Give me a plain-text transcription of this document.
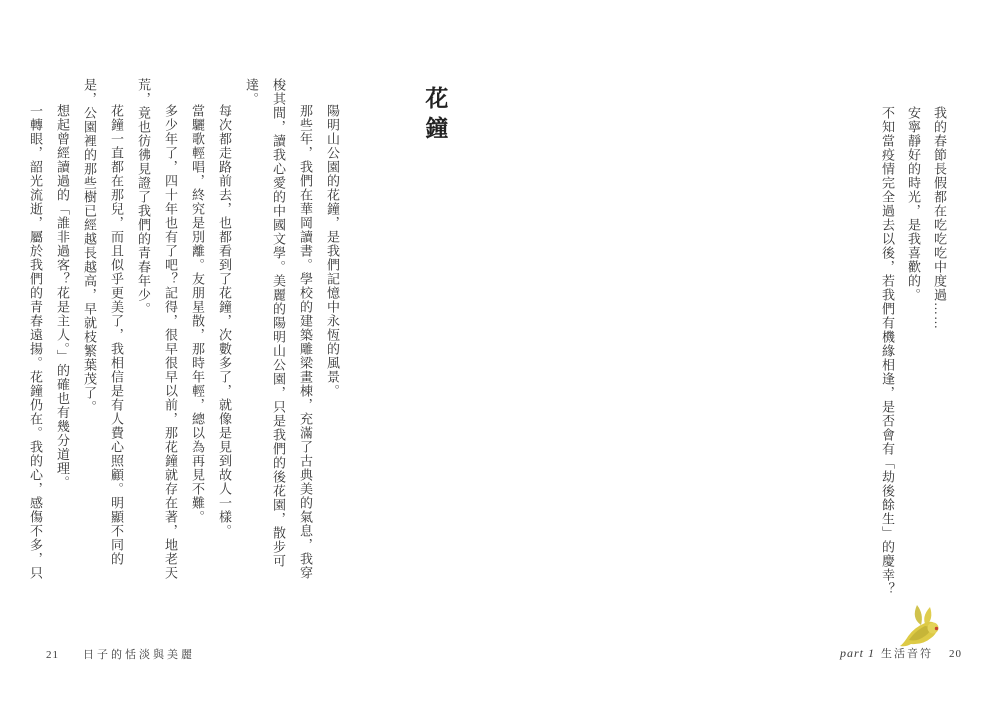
我的春節長假都在吃吃吃中度過……

安寧靜好的時光，是我喜歡的。

不知當疫情完全過去以後，若我們有機緣相逢，是否會有「劫後餘生」的慶幸？

part 1 生活音符 20
花鐘

陽明山公園的花鐘，是我們記憶中永恆的風景。

那些年，我們在華岡讀書。學校的建築雕梁畫棟，充滿了古典美的氣息，我穿梭其間，讀我心愛的中國文學。美麗的陽明山公園，只是我們的後花園，散步可達。

每次都走路前去，也都看到了花鐘，次數多了，就像是見到故人一樣。

當驪歌輕唱，終究是別離。友朋星散，那時年輕，總以為再見不難。

多少年了，四十年也有了吧？記得，很早很早以前，那花鐘就存在著，地老天荒，竟也彷彿見證了我們的青春年少。

花鐘一直都在那兒，而且似乎更美了，我相信是有人費心照顧。明顯不同的是，公園裡的那些樹已經越長越高，早就枝繁葉茂了。

想起曾經讀過的「誰非過客？花是主人。」的確也有幾分道理。

一轉眼，韶光流逝，屬於我們的青春遠揚。花鐘仍在。我的心，感傷不多，只

21 日子的恬淡與美麗
